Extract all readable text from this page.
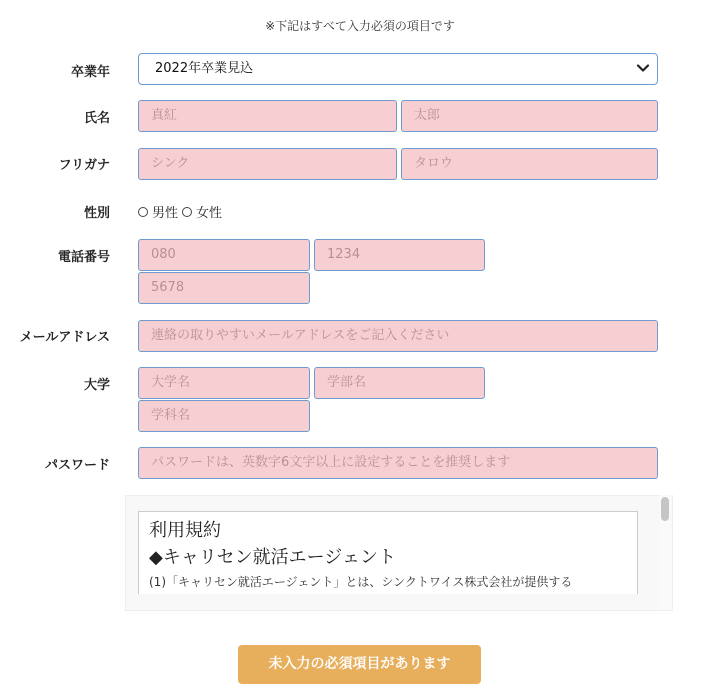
※下記はすべて入力必須の項目です
卒業年	2022年卒業見込
氏名	真紅	太郎
フリガナ	シンク	タロウ
性別	男性 女性
電話番号	080	1234
5678
メールアドレス	連絡の取りやすいメールアドレスをご記入ください
大学	大学名	学部名
学科名
パスワード	パスワードは、英数字6文字以上に設定することを推奨します
利用規約
◆キャリセン就活エージェント
(1)「キャリセン就活エージェント」とは、シンクトワイス株式会社が提供する
未入力の必須項目があります
